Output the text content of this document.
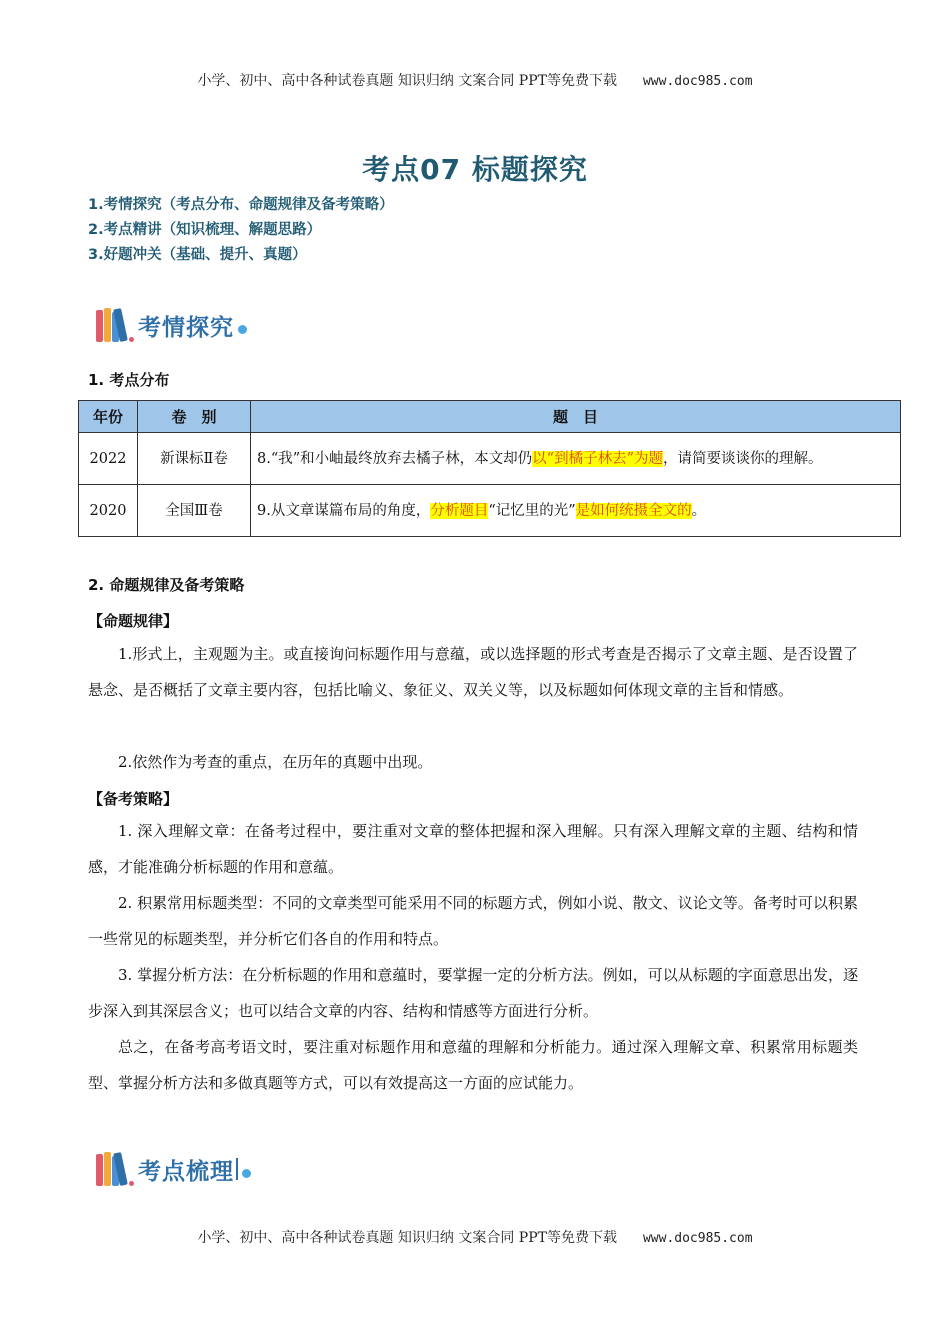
小学、初中、高中各种试卷真题 知识归纳 文案合同 PPT等免费下载 www.doc985.com
考点07 标题探究
1.考情探究（考点分布、命题规律及备考策略）
2.考点精讲（知识梳理、解题思路）
3.好题冲关（基础、提升、真题）
考情探究
1. 考点分布
年份	卷　别	题　目
2022	新课标Ⅱ卷	8.“我”和小岫最终放弃去橘子林，本文却仍以“到橘子林去”为题，请简要谈谈你的理解。
2020	全国Ⅲ卷	9.从文章谋篇布局的角度，分析题目“记忆里的光”是如何统摄全文的。
2. 命题规律及备考策略
【命题规律】
1.形式上，主观题为主。或直接询问标题作用与意蕴，或以选择题的形式考查是否揭示了文章主题、是否设置了悬念、是否概括了文章主要内容，包括比喻义、象征义、双关义等，以及标题如何体现文章的主旨和情感。
2.依然作为考查的重点，在历年的真题中出现。
【备考策略】
1. 深入理解文章：在备考过程中，要注重对文章的整体把握和深入理解。只有深入理解文章的主题、结构和情感，才能准确分析标题的作用和意蕴。
2. 积累常用标题类型：不同的文章类型可能采用不同的标题方式，例如小说、散文、议论文等。备考时可以积累一些常见的标题类型，并分析它们各自的作用和特点。
3. 掌握分析方法：在分析标题的作用和意蕴时，要掌握一定的分析方法。例如，可以从标题的字面意思出发，逐步深入到其深层含义；也可以结合文章的内容、结构和情感等方面进行分析。
总之，在备考高考语文时，要注重对标题作用和意蕴的理解和分析能力。通过深入理解文章、积累常用标题类型、掌握分析方法和多做真题等方式，可以有效提高这一方面的应试能力。
考点梳理
小学、初中、高中各种试卷真题 知识归纳 文案合同 PPT等免费下载 www.doc985.com
